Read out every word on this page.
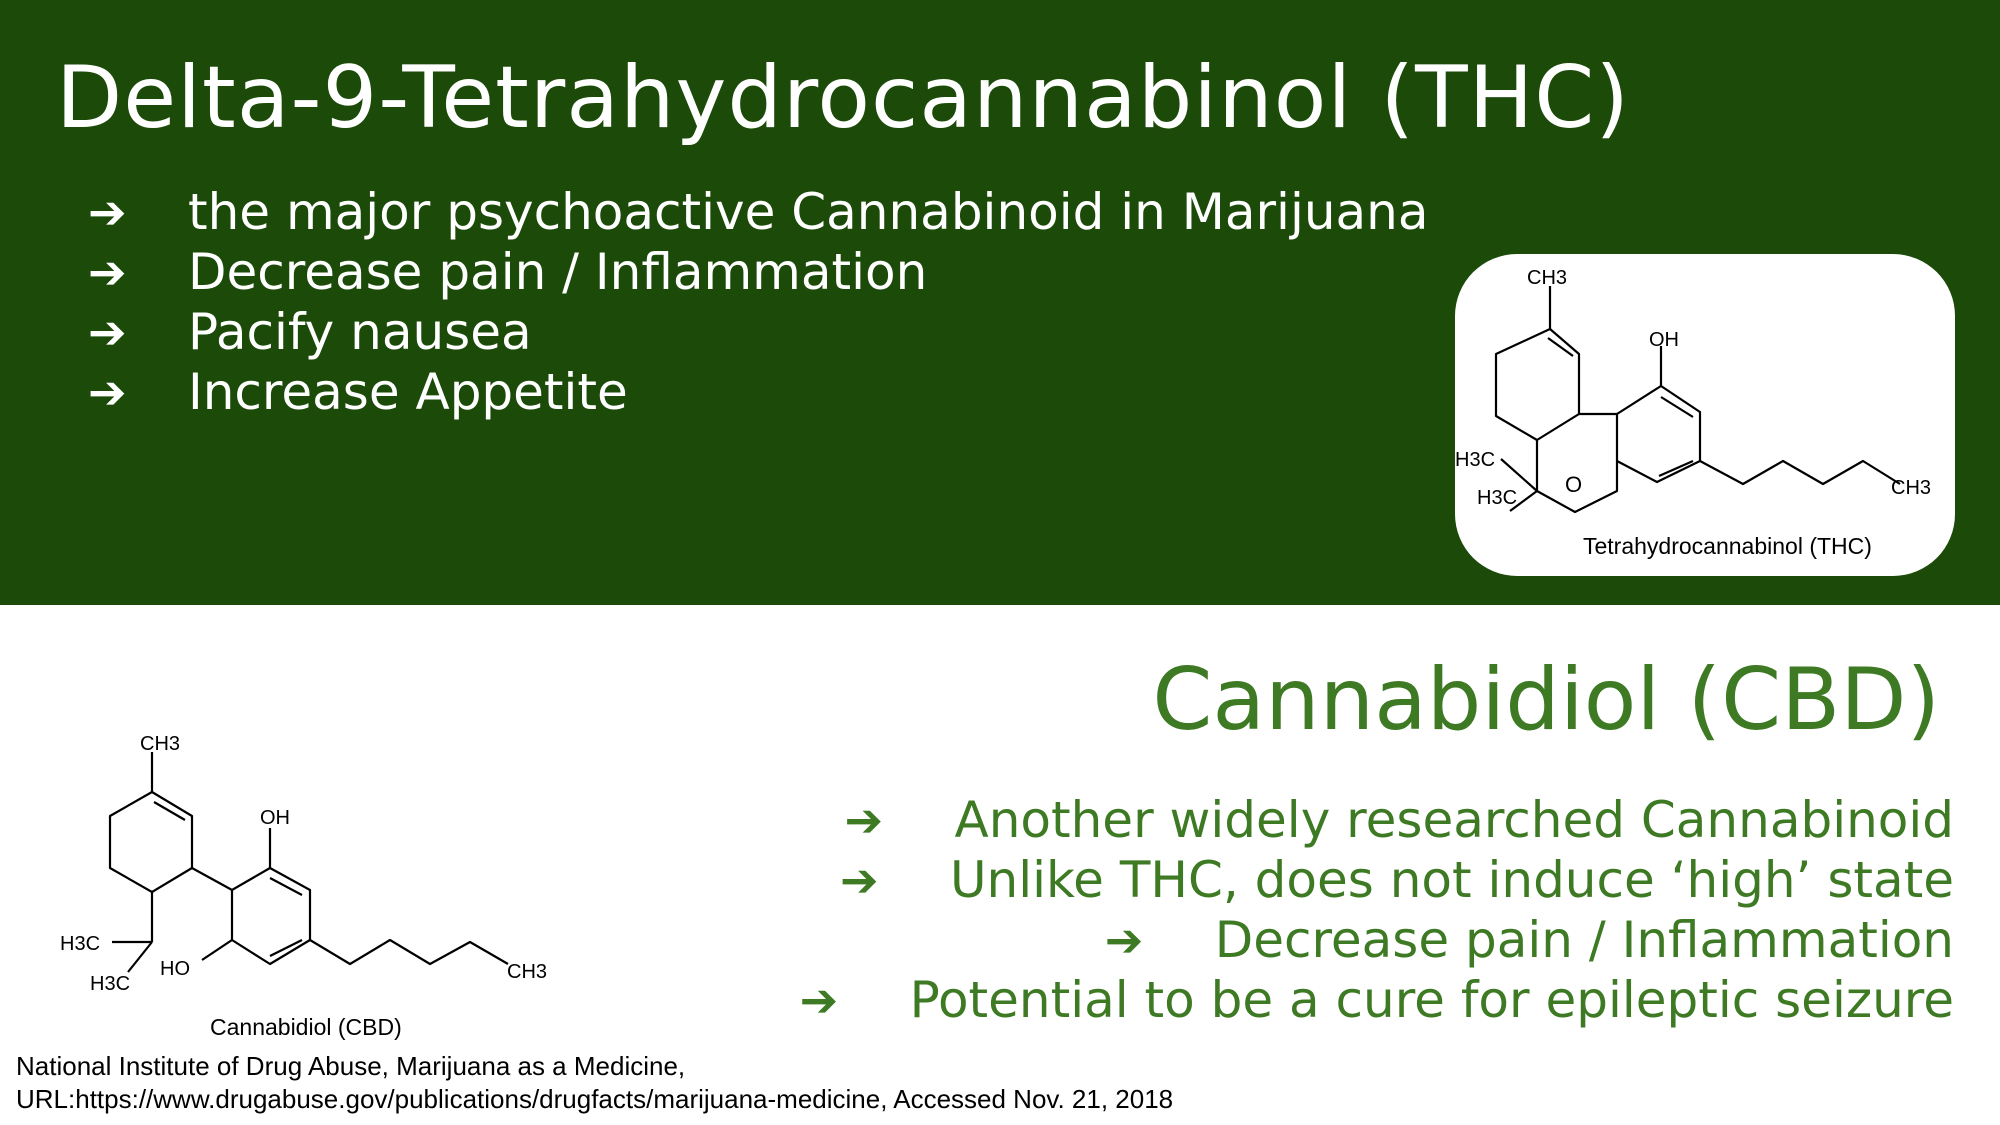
Delta-9-Tetrahydrocannabinol (THC)
➔	the major psychoactive Cannabinoid in Marijuana
➔	Decrease pain / Inflammation
➔	Pacify nausea
➔	Increase Appetite
CH3
OH
H3C
H3C
O	CH3
Tetrahydrocannabinol (THC)
Cannabidiol (CBD)
➔	Another widely researched Cannabinoid
➔	Unlike THC, does not induce ‘high’ state
➔	Decrease pain / Inflammation
➔	Potential to be a cure for epileptic seizure
CH3
OH
H3C
H3C
HO	CH3
Cannabidiol (CBD)
National Institute of Drug Abuse, Marijuana as a Medicine,
URL:https://www.drugabuse.gov/publications/drugfacts/marijuana-medicine, Accessed Nov. 21, 2018
